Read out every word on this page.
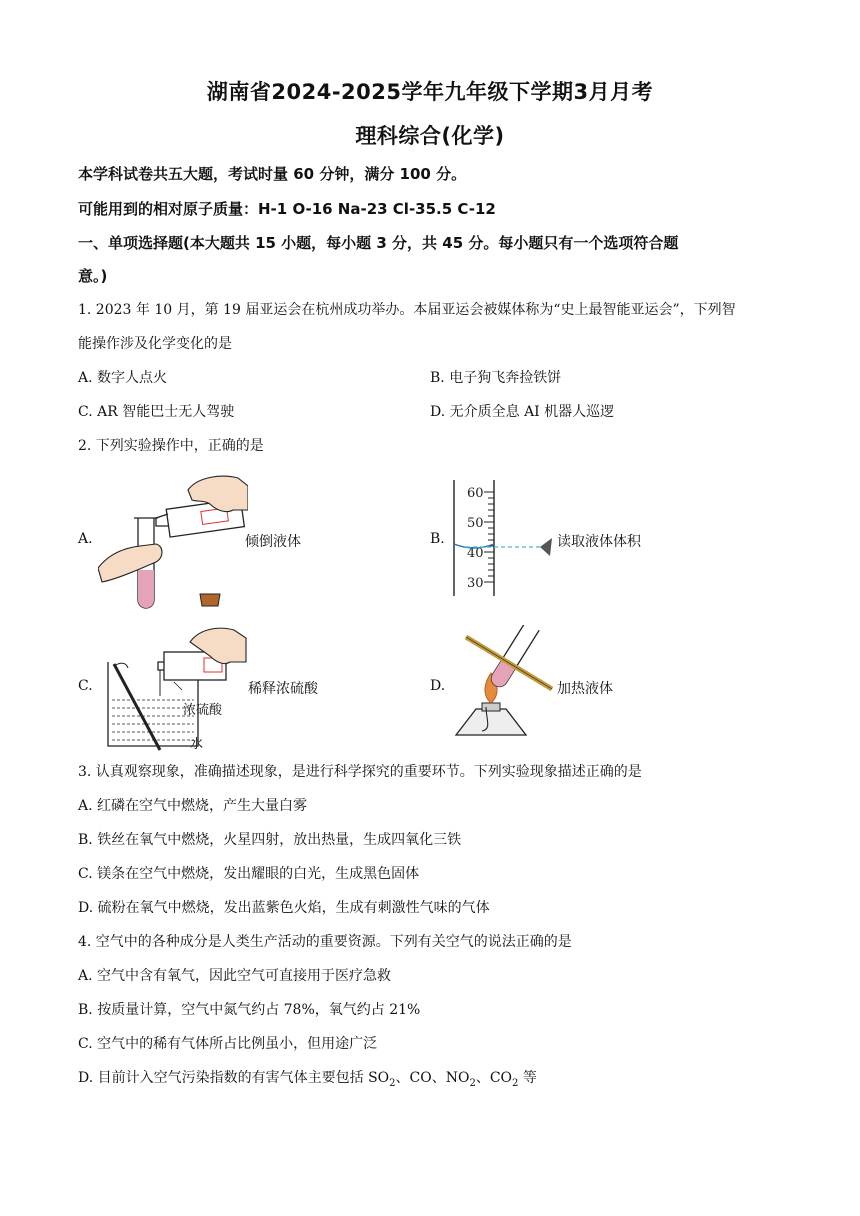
湖南省2024-2025学年九年级下学期3月月考
理科综合(化学)
本学科试卷共五大题，考试时量 60 分钟，满分 100 分。
可能用到的相对原子质量：H-1 O-16 Na-23 Cl-35.5 C-12
一、单项选择题(本大题共 15 小题，每小题 3 分，共 45 分。每小题只有一个选项符合题
意。)
1. 2023 年 10 月，第 19 届亚运会在杭州成功举办。本届亚运会被媒体称为“史上最智能亚运会”，下列智
能操作涉及化学变化的是
A. 数字人点火	B. 电子狗飞奔捡铁饼
C. AR 智能巴士无人驾驶	D. 无介质全息 AI 机器人巡逻
2. 下列实验操作中，正确的是
A.	倾倒液体	B.
60
50
40
30
读取液体体积
C.
浓硫酸
水
稀释浓硫酸	D.	加热液体
3. 认真观察现象，准确描述现象，是进行科学探究的重要环节。下列实验现象描述正确的是
A. 红磷在空气中燃烧，产生大量白雾
B. 铁丝在氧气中燃烧，火星四射，放出热量，生成四氧化三铁
C. 镁条在空气中燃烧，发出耀眼的白光，生成黑色固体
D. 硫粉在氧气中燃烧，发出蓝紫色火焰，生成有刺激性气味的气体
4. 空气中的各种成分是人类生产活动的重要资源。下列有关空气的说法正确的是
A. 空气中含有氧气，因此空气可直接用于医疗急救
B. 按质量计算，空气中氮气约占 78%，氧气约占 21%
C. 空气中的稀有气体所占比例虽小，但用途广泛
D. 目前计入空气污染指数的有害气体主要包括 $SO_2$、CO、$NO_2$、$CO_2$ 等
